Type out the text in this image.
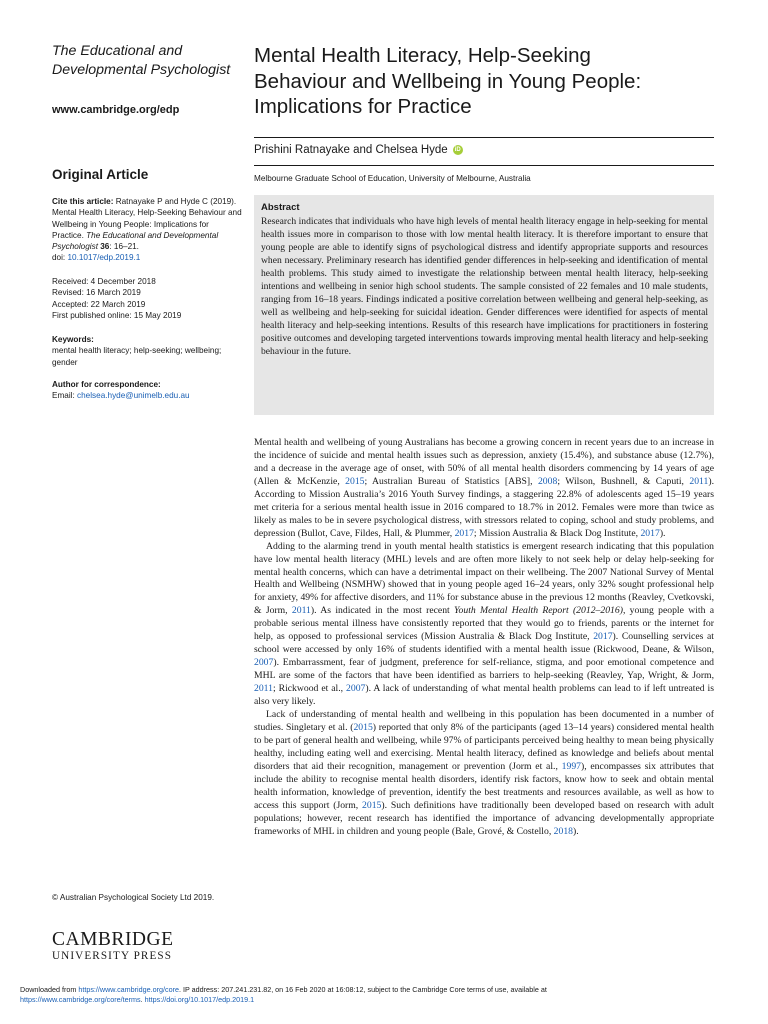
The Educational and
Developmental Psychologist
www.cambridge.org/edp
Original Article
Cite this article: Ratnayake P and Hyde C (2019). Mental Health Literacy, Help-Seeking Behaviour and Wellbeing in Young People: Implications for Practice. The Educational and Developmental Psychologist 36: 16–21.
doi: 10.1017/edp.2019.1
Received: 4 December 2018
Revised: 16 March 2019
Accepted: 22 March 2019
First published online: 15 May 2019
Keywords:
mental health literacy; help-seeking; wellbeing; gender
Author for correspondence:
Email: chelsea.hyde@unimelb.edu.au
© Australian Psychological Society Ltd 2019.
CAMBRIDGE
UNIVERSITY PRESS
Mental Health Literacy, Help-Seeking
Behaviour and Wellbeing in Young People:
Implications for Practice
Prishini Ratnayake and Chelsea Hyde	iD
Melbourne Graduate School of Education, University of Melbourne, Australia
Abstract
Research indicates that individuals who have high levels of mental health literacy engage in help-seeking for mental health issues more in comparison to those with low mental health literacy. It is therefore important to ensure that young people are able to identify signs of psychological distress and identify appropriate supports and resources when necessary. Preliminary research has identified gender differences in help-seeking and identification of mental health problems. This study aimed to investigate the relationship between mental health literacy, help-seeking intentions and wellbeing in senior high school students. The sample consisted of 22 females and 10 male students, ranging from 16–18 years. Findings indicated a positive correlation between wellbeing and general help-seeking, as well as wellbeing and help-seeking for suicidal ideation. Gender differences were identified for aspects of mental health literacy and help-seeking intentions. Results of this research have implications for practitioners in fostering positive outcomes and developing targeted interventions towards improving mental health literacy and help-seeking behaviour in the future.

Mental health and wellbeing of young Australians has become a growing concern in recent years due to an increase in the incidence of suicide and mental health issues such as depression, anxiety (15.4%), and substance abuse (12.7%), and a decrease in the average age of onset, with 50% of all mental health disorders commencing by 14 years of age (Allen & McKenzie, 2015; Australian Bureau of Statistics [ABS], 2008; Wilson, Bushnell, & Caputi, 2011). According to Mission Australia’s 2016 Youth Survey findings, a staggering 22.8% of adolescents aged 15–19 years met criteria for a serious mental health issue in 2016 compared to 18.7% in 2012. Females were more than twice as likely as males to be in severe psychological distress, with stressors related to coping, school and study problems, and depression (Bullot, Cave, Fildes, Hall, & Plummer, 2017; Mission Australia & Black Dog Institute, 2017).

Adding to the alarming trend in youth mental health statistics is emergent research indicating that this population have low mental health literacy (MHL) levels and are often more likely to not seek help or delay help-seeking for mental health concerns, which can have a detrimental impact on their wellbeing. The 2007 National Survey of Mental Health and Wellbeing (NSMHW) showed that in young people aged 16–24 years, only 32% sought professional help for anxiety, 49% for affective disorders, and 11% for substance abuse in the previous 12 months (Reavley, Cvetkovski, & Jorm, 2011). As indicated in the most recent Youth Mental Health Report (2012–2016), young people with a probable serious mental illness have consistently reported that they would go to friends, parents or the internet for help, as opposed to professional services (Mission Australia & Black Dog Institute, 2017). Counselling services at school were accessed by only 16% of students identified with a mental health issue (Rickwood, Deane, & Wilson, 2007). Embarrassment, fear of judgment, preference for self-reliance, stigma, and poor emotional competence and MHL are some of the factors that have been identified as barriers to help-seeking (Reavley, Yap, Wright, & Jorm, 2011; Rickwood et al., 2007). A lack of understanding of what mental health problems can lead to if left untreated is also very likely.

Lack of understanding of mental health and wellbeing in this population has been documented in a number of studies. Singletary et al. (2015) reported that only 8% of the participants (aged 13–14 years) considered mental health to be part of general health and wellbeing, while 97% of participants perceived being healthy to mean being physically healthy, including eating well and exercising. Mental health literacy, defined as knowledge and beliefs about mental disorders that aid their recognition, management or prevention (Jorm et al., 1997), encompasses six attributes that include the ability to recognise mental health disorders, identify risk factors, know how to seek and obtain mental health information, knowledge of prevention, identify the best treatments and resources available, as well as how to access this support (Jorm, 2015). Such definitions have traditionally been developed based on research with adult populations; however, recent research has identified the importance of advancing developmentally appropriate frameworks of MHL in children and young people (Bale, Grové, & Costello, 2018).

Downloaded from https://www.cambridge.org/core. IP address: 207.241.231.82, on 16 Feb 2020 at 16:08:12, subject to the Cambridge Core terms of use, available at
https://www.cambridge.org/core/terms. https://doi.org/10.1017/edp.2019.1
